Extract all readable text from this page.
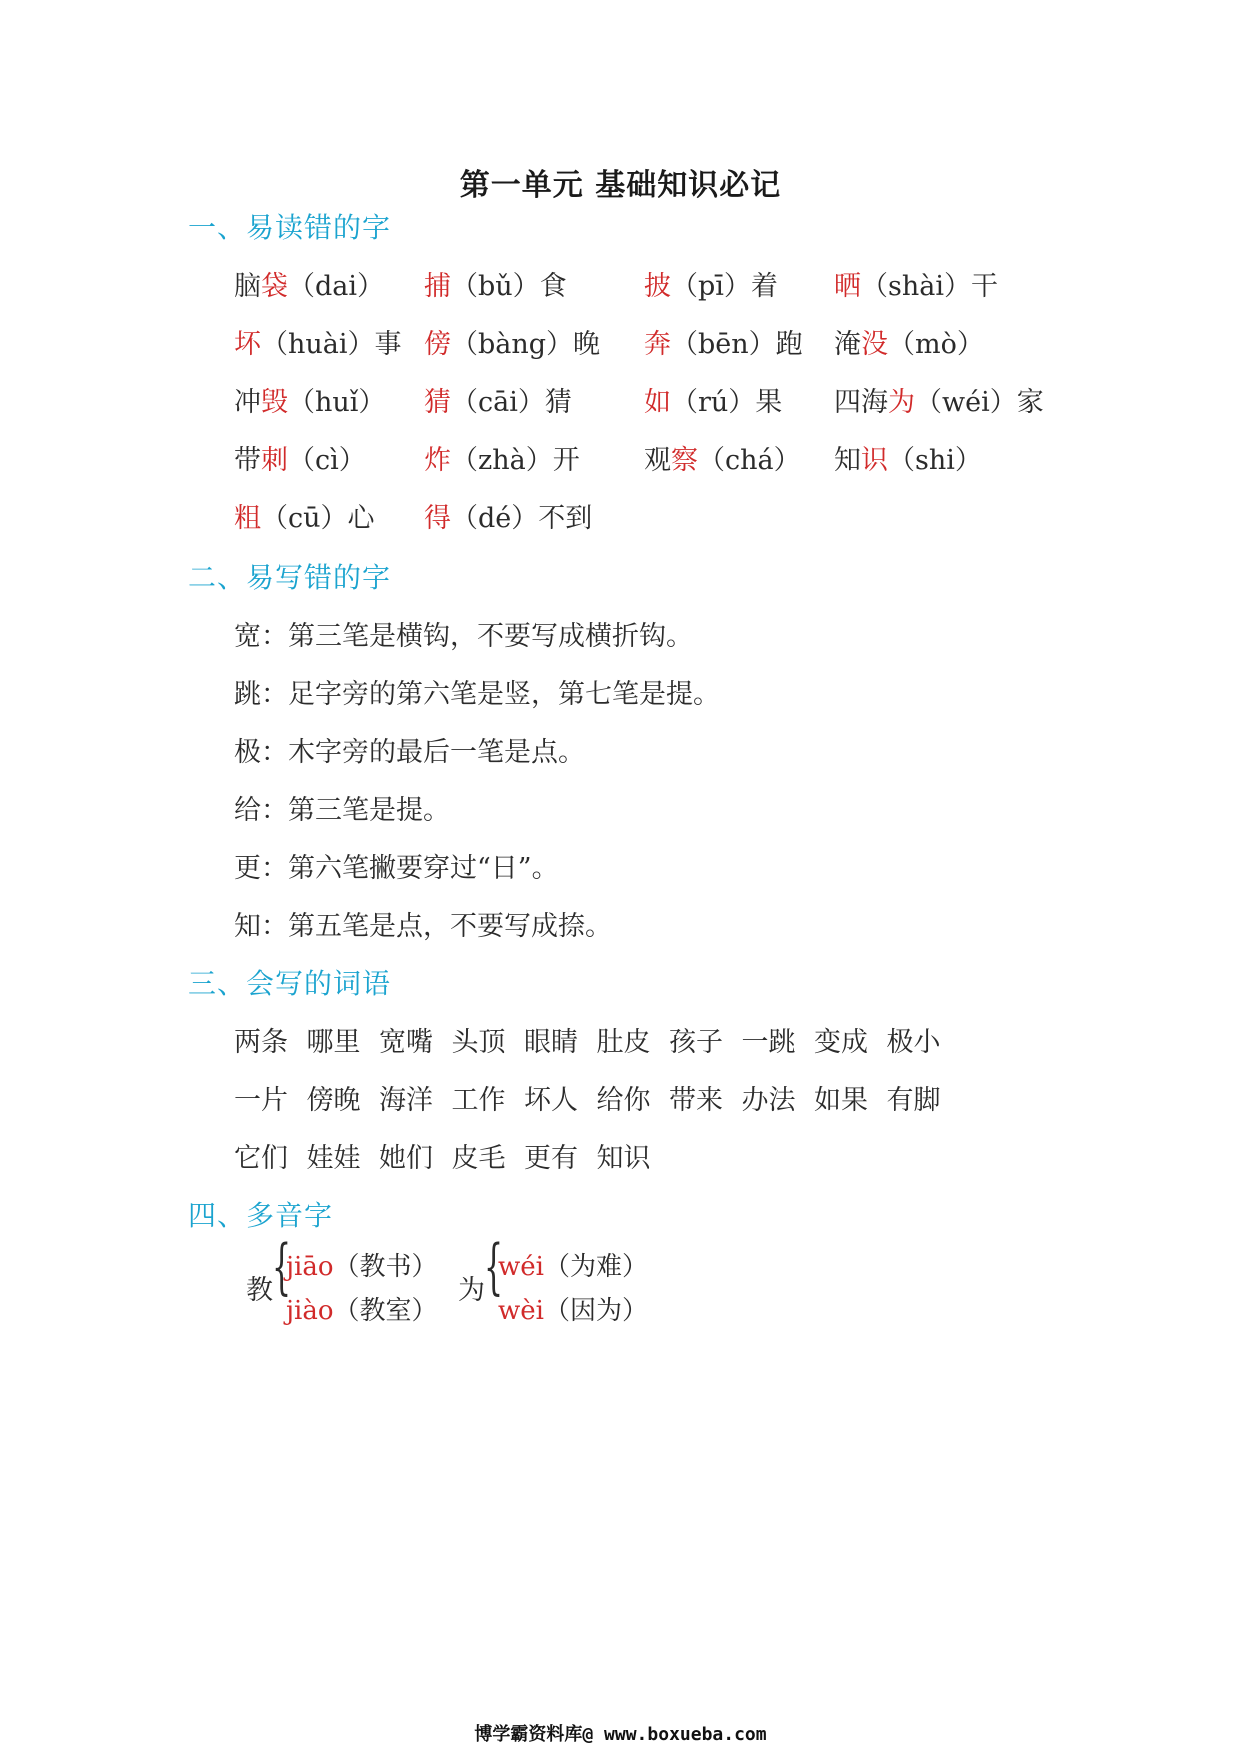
第一单元 基础知识必记
一、易读错的字
脑袋（dai） 捕（bǔ）食	披（pī）着 晒（shài）干
坏（huài）事 傍（bàng）晚 奔（bēn）跑 淹没（mò）
冲毁（huǐ） 猜（cāi）猜	如（rú）果 四海为（wéi）家
带刺（cì） 炸（zhà）开 观察（chá） 知识（shi）
粗（cū）心 得（dé）不到
二、易写错的字
宽：第三笔是横钩，不要写成横折钩。
跳：足字旁的第六笔是竖，第七笔是提。
极：木字旁的最后一笔是点。
给：第三笔是提。
更：第六笔撇要穿过“日”。
知：第五笔是点，不要写成捺。
三、会写的词语
两条 哪里 宽嘴 头顶 眼睛 肚皮 孩子 一跳 变成 极小
一片 傍晚 海洋 工作 坏人 给你 带来 办法 如果 有脚
它们 娃娃 她们 皮毛 更有 知识
四、多音字
教 {
jiāo（教书）
jiào（教室）
为 {
wéi（为难）
wèi（因为）
博学霸资料库@ www.boxueba.com
